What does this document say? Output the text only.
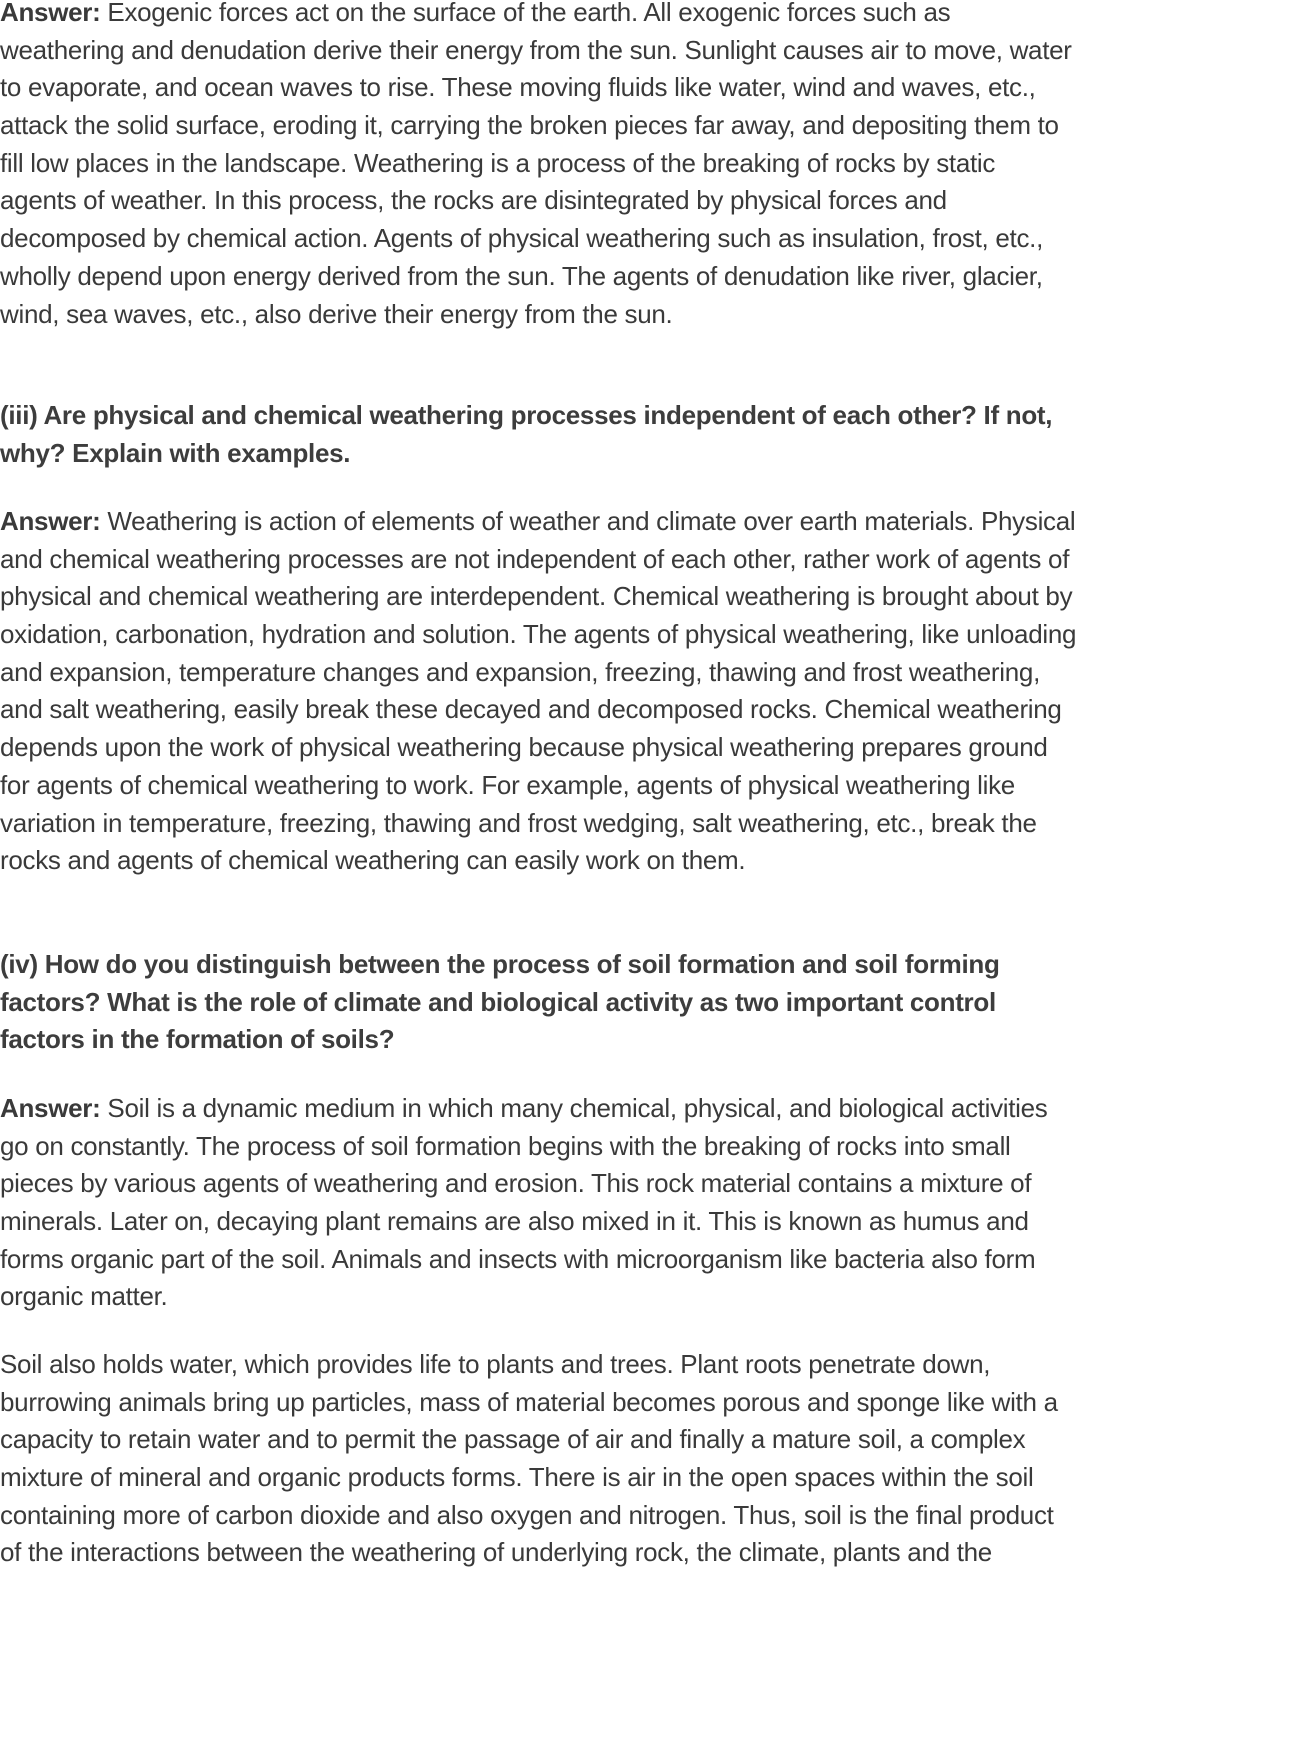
Answer: Exogenic forces act on the surface of the earth. All exogenic forces such as
weathering and denudation derive their energy from the sun. Sunlight causes air to move, water
to evaporate, and ocean waves to rise. These moving fluids like water, wind and waves, etc.,
attack the solid surface, eroding it, carrying the broken pieces far away, and depositing them to
fill low places in the landscape. Weathering is a process of the breaking of rocks by static
agents of weather. In this process, the rocks are disintegrated by physical forces and
decomposed by chemical action. Agents of physical weathering such as insulation, frost, etc.,
wholly depend upon energy derived from the sun. The agents of denudation like river, glacier,
wind, sea waves, etc., also derive their energy from the sun.
(iii) Are physical and chemical weathering processes independent of each other? If not,
why? Explain with examples.
Answer: Weathering is action of elements of weather and climate over earth materials. Physical
and chemical weathering processes are not independent of each other, rather work of agents of
physical and chemical weathering are interdependent. Chemical weathering is brought about by
oxidation, carbonation, hydration and solution. The agents of physical weathering, like unloading
and expansion, temperature changes and expansion, freezing, thawing and frost weathering,
and salt weathering, easily break these decayed and decomposed rocks. Chemical weathering
depends upon the work of physical weathering because physical weathering prepares ground
for agents of chemical weathering to work. For example, agents of physical weathering like
variation in temperature, freezing, thawing and frost wedging, salt weathering, etc., break the
rocks and agents of chemical weathering can easily work on them.
(iv) How do you distinguish between the process of soil formation and soil forming
factors? What is the role of climate and biological activity as two important control
factors in the formation of soils?
Answer: Soil is a dynamic medium in which many chemical, physical, and biological activities
go on constantly. The process of soil formation begins with the breaking of rocks into small
pieces by various agents of weathering and erosion. This rock material contains a mixture of
minerals. Later on, decaying plant remains are also mixed in it. This is known as humus and
forms organic part of the soil. Animals and insects with microorganism like bacteria also form
organic matter.
Soil also holds water, which provides life to plants and trees. Plant roots penetrate down,
burrowing animals bring up particles, mass of material becomes porous and sponge like with a
capacity to retain water and to permit the passage of air and finally a mature soil, a complex
mixture of mineral and organic products forms. There is air in the open spaces within the soil
containing more of carbon dioxide and also oxygen and nitrogen. Thus, soil is the final product
of the interactions between the weathering of underlying rock, the climate, plants and the
